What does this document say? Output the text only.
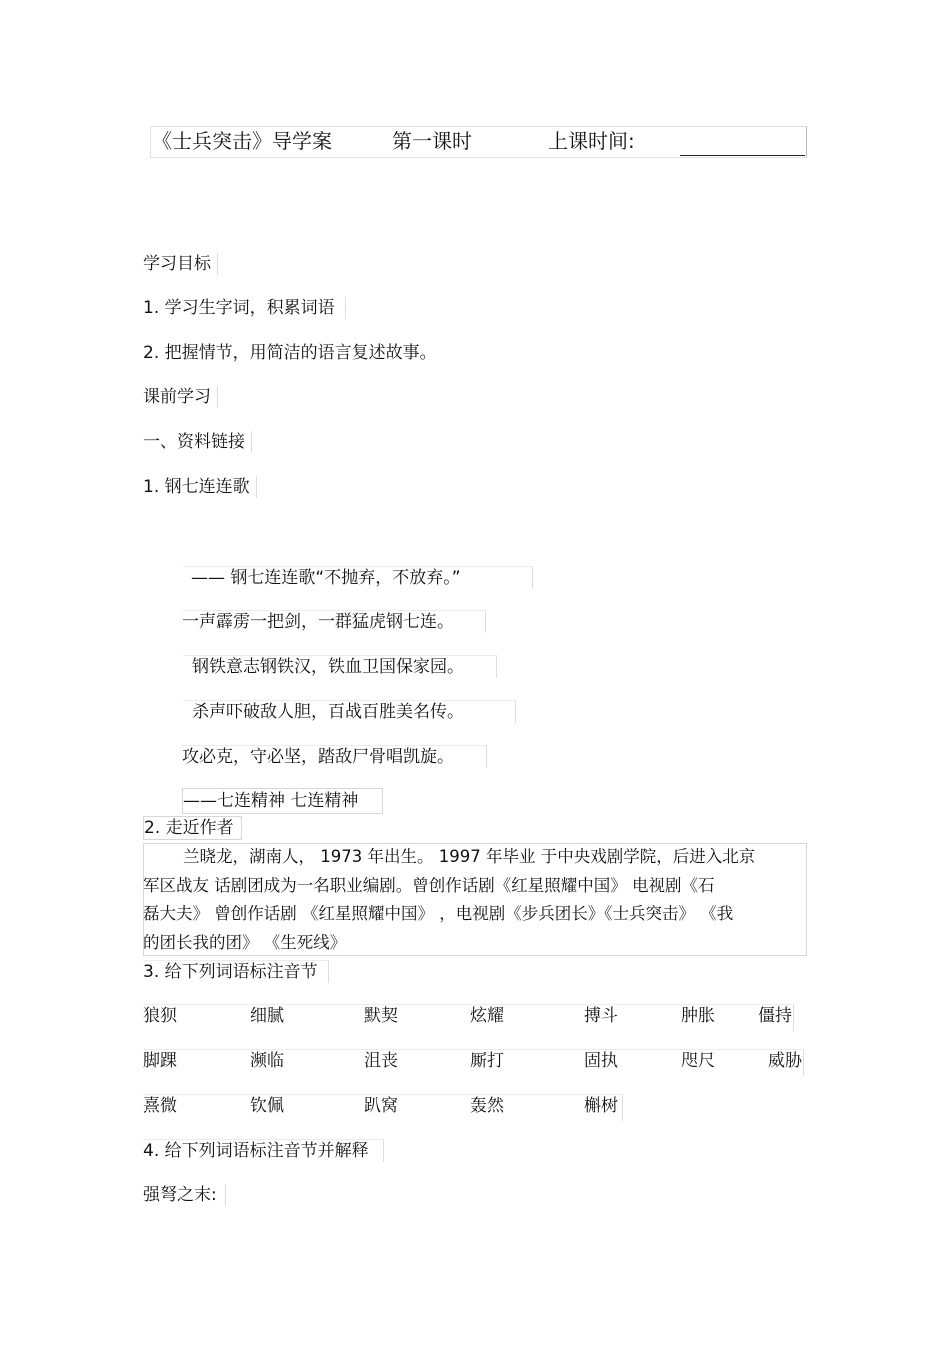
《士兵突击》导学案	第一课时	上课时间:
学习目标
1. 学习生字词，积累词语
2. 把握情节，用简洁的语言复述故事。
课前学习
一、资料链接
1. 钢七连连歌
—— 钢七连连歌“不抛弃，不放弃。”
一声霹雳一把剑，一群猛虎钢七连。
钢铁意志钢铁汉，铁血卫国保家园。
杀声吓破敌人胆，百战百胜美名传。
攻必克，守必坚，踏敌尸骨唱凯旋。
——七连精神 七连精神
2. 走近作者
兰晓龙，湖南人， 1973 年出生。 1997 年毕业 于中央戏剧学院，后进入北京
军区战友 话剧团成为一名职业编剧。曾创作话剧《红星照耀中国》 电视剧《石
磊大夫》 曾创作话剧 《红星照耀中国》 ，电视剧《步兵团长》《士兵突击》 《我
的团长我的团》 《生死线》
3. 给下列词语标注音节
狼狈	细腻	默契	炫耀	搏斗	肿胀	僵持
脚踝	濒临	沮丧	厮打	固执	咫尺	威胁
熹微	钦佩	趴窝	轰然	槲树
4. 给下列词语标注音节并解释
强弩之末:
